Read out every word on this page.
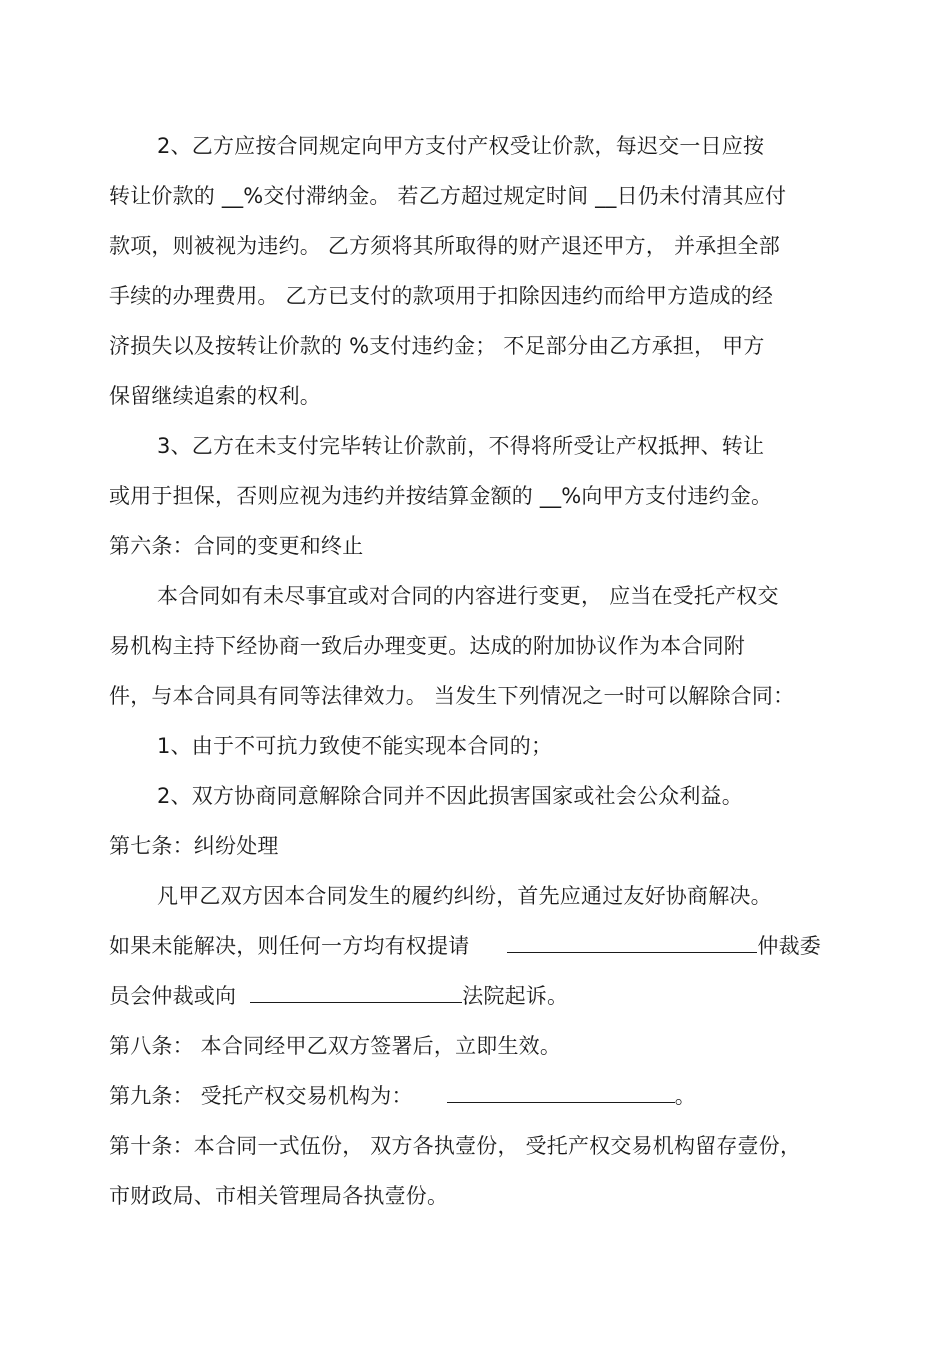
2、乙方应按合同规定向甲方支付产权受让价款，每迟交一日应按
转让价款的 __%交付滞纳金。 若乙方超过规定时间 __日仍未付清其应付
款项，则被视为违约。 乙方须将其所取得的财产退还甲方， 并承担全部
手续的办理费用。 乙方已支付的款项用于扣除因违约而给甲方造成的经
济损失以及按转让价款的 %支付违约金； 不足部分由乙方承担， 甲方
保留继续追索的权利。
3、乙方在未支付完毕转让价款前，不得将所受让产权抵押、转让
或用于担保，否则应视为违约并按结算金额的 __%向甲方支付违约金。
第六条：合同的变更和终止
本合同如有未尽事宜或对合同的内容进行变更， 应当在受托产权交
易机构主持下经协商一致后办理变更。达成的附加协议作为本合同附
件，与本合同具有同等法律效力。 当发生下列情况之一时可以解除合同：
1、由于不可抗力致使不能实现本合同的；
2、双方协商同意解除合同并不因此损害国家或社会公众利益。
第七条：纠纷处理
凡甲乙双方因本合同发生的履约纠纷，首先应通过友好协商解决。
如果未能解决，则任何一方均有权提请	仲裁委
员会仲裁或向	法院起诉。
第八条： 本合同经甲乙双方签署后，立即生效。
第九条： 受托产权交易机构为：	。
第十条：本合同一式伍份， 双方各执壹份， 受托产权交易机构留存壹份，
市财政局、市相关管理局各执壹份。
